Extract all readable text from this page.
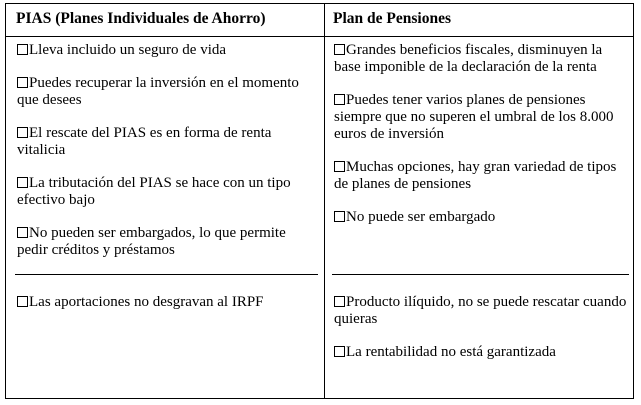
PIAS (Planes Individuales de Ahorro)	Plan de Pensiones
Lleva incluido un seguro de vida
Puedes recuperar la inversión en el momento que desees
El rescate del PIAS es en forma de renta vitalicia
La tributación del PIAS se hace con un tipo efectivo bajo
No pueden ser embargados, lo que permite pedir créditos y préstamos
Grandes beneficios fiscales, disminuyen la base imponible de la declaración de la renta
Puedes tener varios planes de pensiones siempre que no superen el umbral de los 8.000 euros de inversión
Muchas opciones, hay gran variedad de tipos de planes de pensiones
No puede ser embargado
Las aportaciones no desgravan al IRPF	Producto ilíquido, no se puede rescatar cuando quieras
La rentabilidad no está garantizada
